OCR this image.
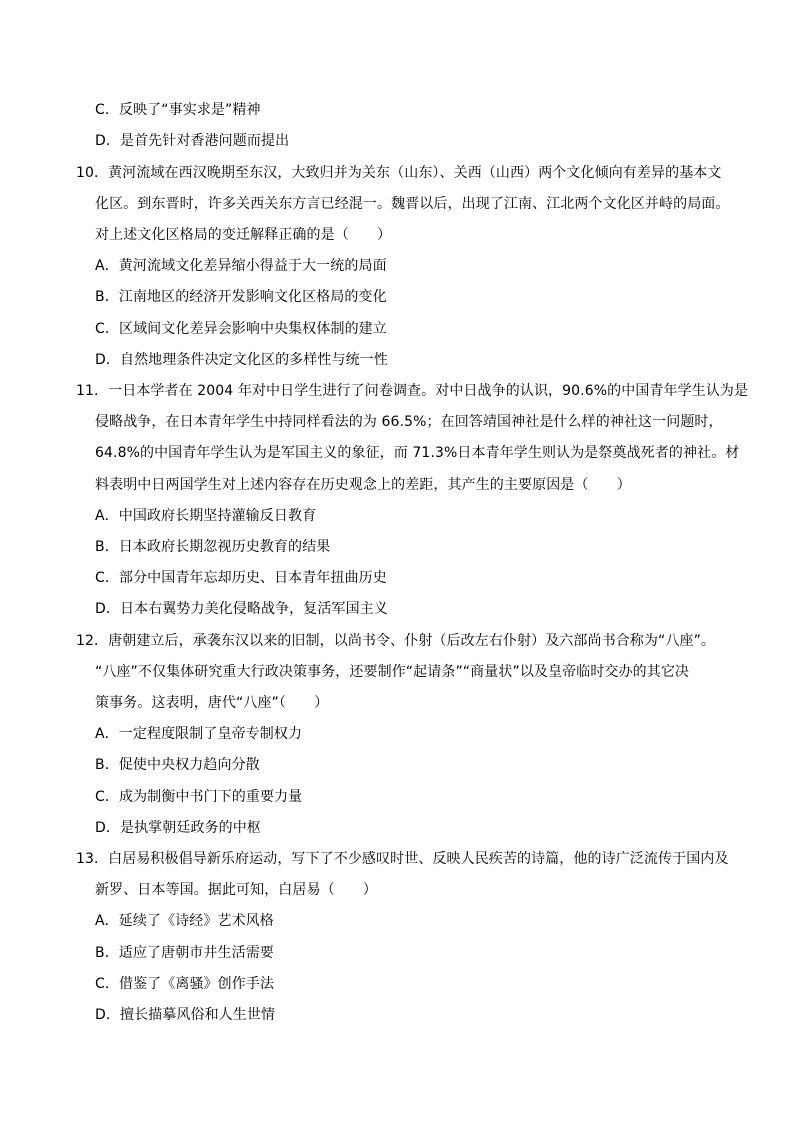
C．反映了“事实求是”精神
D．是首先针对香港问题而提出
10．黄河流域在西汉晚期至东汉，大致归并为关东（山东）、关西（山西）两个文化倾向有差异的基本文
化区。到东晋时，许多关西关东方言已经混一。魏晋以后，出现了江南、江北两个文化区并峙的局面。
对上述文化区格局的变迁解释正确的是（　　）
A．黄河流域文化差异缩小得益于大一统的局面
B．江南地区的经济开发影响文化区格局的变化
C．区域间文化差异会影响中央集权体制的建立
D．自然地理条件决定文化区的多样性与统一性
11．一日本学者在 2004 年对中日学生进行了问卷调查。对中日战争的认识，90.6%的中国青年学生认为是
侵略战争，在日本青年学生中持同样看法的为 66.5%；在回答靖国神社是什么样的神社这一问题时，
64.8%的中国青年学生认为是军国主义的象征，而 71.3%日本青年学生则认为是祭奠战死者的神社。材
料表明中日两国学生对上述内容存在历史观念上的差距，其产生的主要原因是（　　）
A．中国政府长期坚持灌输反日教育
B．日本政府长期忽视历史教育的结果
C．部分中国青年忘却历史、日本青年扭曲历史
D．日本右翼势力美化侵略战争，复活军国主义
12．唐朝建立后，承袭东汉以来的旧制，以尚书令、仆射（后改左右仆射）及六部尚书合称为“八座”。
“八座”不仅集体研究重大行政决策事务，还要制作“起请条”“商量状”以及皇帝临时交办的其它决
策事务。这表明，唐代“八座”（　　）
A．一定程度限制了皇帝专制权力
B．促使中央权力趋向分散
C．成为制衡中书门下的重要力量
D．是执掌朝廷政务的中枢
13．白居易积极倡导新乐府运动，写下了不少感叹时世、反映人民疾苦的诗篇，他的诗广泛流传于国内及
新罗、日本等国。据此可知，白居易（　　）
A．延续了《诗经》艺术风格
B．适应了唐朝市井生活需要
C．借鉴了《离骚》创作手法
D．擅长描摹风俗和人生世情
